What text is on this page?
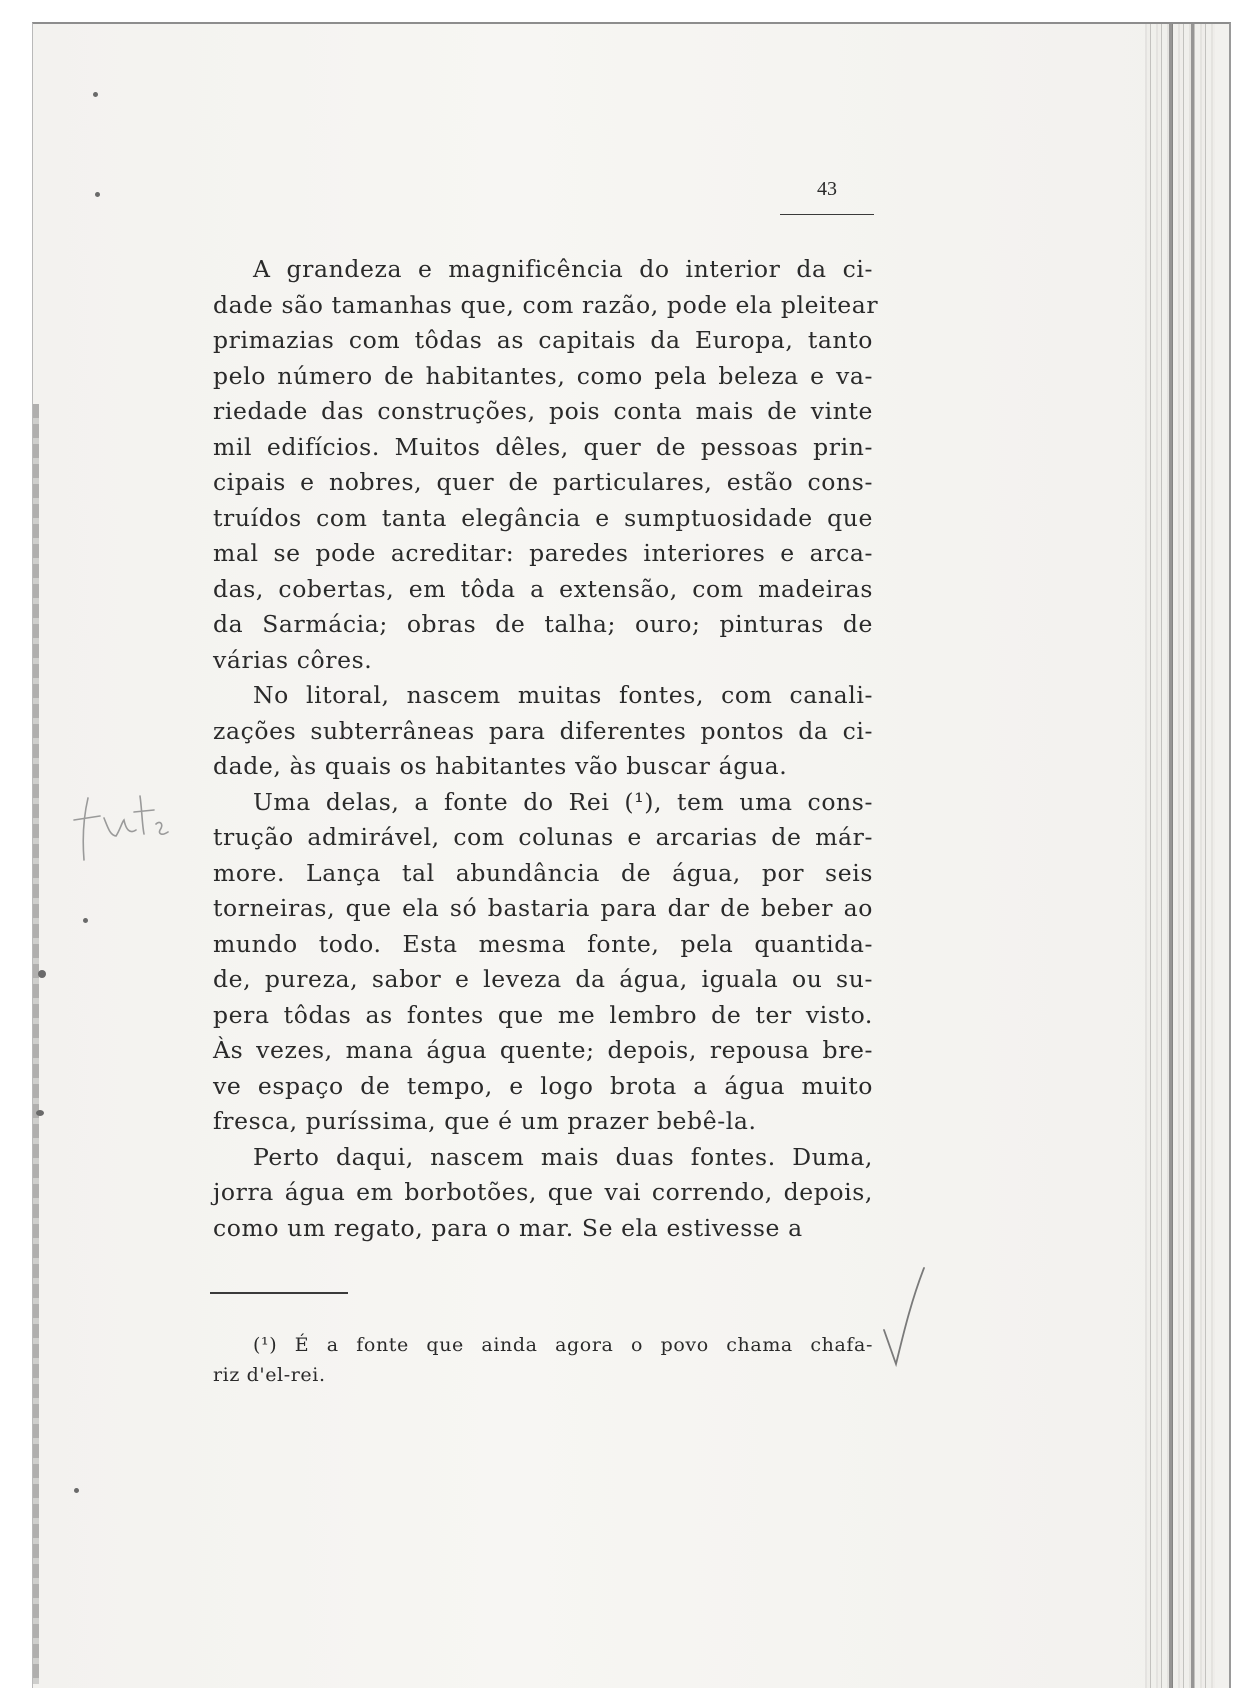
43
A grandeza e magnificência do interior da ci-
dade são tamanhas que, com razão, pode ela pleitear
primazias com tôdas as capitais da Europa, tanto
pelo número de habitantes, como pela beleza e va-
riedade das construções, pois conta mais de vinte
mil edifícios. Muitos dêles, quer de pessoas prin-
cipais e nobres, quer de particulares, estão cons-
truídos com tanta elegância e sumptuosidade que
mal se pode acreditar: paredes interiores e arca-
das, cobertas, em tôda a extensão, com madeiras
da Sarmácia; obras de talha; ouro; pinturas de
várias côres.
No litoral, nascem muitas fontes, com canali-
zações subterrâneas para diferentes pontos da ci-
dade, às quais os habitantes vão buscar água.
Uma delas, a fonte do Rei (¹), tem uma cons-
trução admirável, com colunas e arcarias de már-
more. Lança tal abundância de água, por seis
torneiras, que ela só bastaria para dar de beber ao
mundo todo. Esta mesma fonte, pela quantida-
de, pureza, sabor e leveza da água, iguala ou su-
pera tôdas as fontes que me lembro de ter visto.
Às vezes, mana água quente; depois, repousa bre-
ve espaço de tempo, e logo brota a água muito
fresca, puríssima, que é um prazer bebê-la.
Perto daqui, nascem mais duas fontes. Duma,
jorra água em borbotões, que vai correndo, depois,
como um regato, para o mar. Se ela estivesse a
(¹) É a fonte que ainda agora o povo chama chafa-
riz d'el-rei.
